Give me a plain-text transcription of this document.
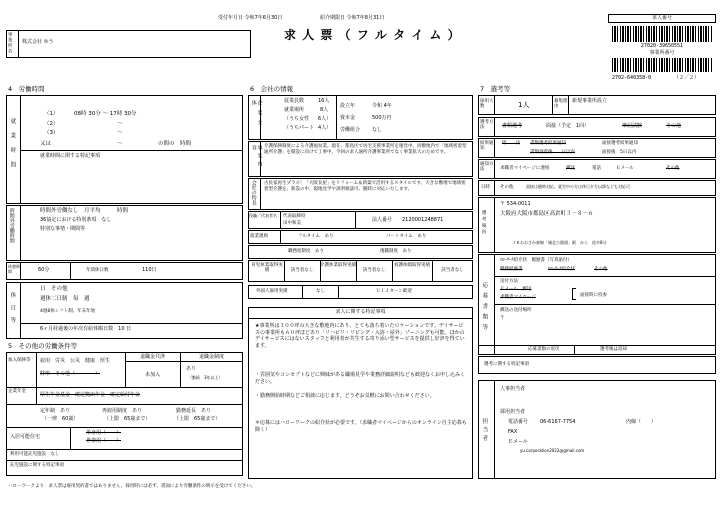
受付年月日 令和7年6月30日	紹介期限日 令和7年8月31日
求 人 票 （ フ ル タ イ ム ）
求人番号
27020-39650551
事業所番号
2702-640358-0	（２／２）
事業所名 株式会社 ゆう
4　労働時間
就業時間
（1）	08時 30分 〜 17時 30分
（2）	〜
（3）	〜
又は	〜	の間の　時間
就業時間に関する特記事項
時間外労働時間	時間外労働なし　月平均　　　時間
36協定における特別条項　なし
特別な事情・期間等
休憩時間	60分	年間休日数	110日
休日等
日　その他
週休二日制　毎　週
4週8休シフト制、年末年始
6ヶ月経過後の年次有給休暇日数　10 日
5　その他の労働条件等
加入保険等	雇用　労災　公災　健康　厚生
財形　その他（　　　　）
退職金共済
未加入
退職金制度
あり
（勤続　3年以上）
企業年金
厚生年金基金　確定拠出年金　確定給付年金
定年制　あり
（一律　60歳）
再雇用制度　あり
（上限　65歳まで）
勤務延長　あり
（上限　65歳まで）
入居可能住宅
単身用（　　）
世帯用（　　）
利用可能託児施設　なし
託児施設に関する特記事項
6　会社の情報
企業全体	従業員数	16人
就業場所	8人
（うち女性 6人）
（うちパート 4人）
設立年	令和 4年
資本金	500万円
労働組合 なし
事業内容	介護保険制度による介護福祉業。現在、都島区で居宅支援事業所を運営中。同敷地内で「地域密着型通所介護」を開設に向けて工事中。今回の求人通所介護事業所でなく事業拡大のためです。
会社の特長 古民家再生プラス！「大阪長屋」をリフォーム＆新築で活用するスタイルです。大きな敷地で地域密着型介護を、新設の中、現地見学や説明相談可。随時に対応いたします。
役職／代表者名	代表取締役
田中和美
法人番号 2120001248871
就業規則	フルタイム　あり	パートタイム　あり
職務給制度　あり	復職制度　あり
育児休業取得実績	該当者なし
介護休業取得実績
該当者なし
看護休暇取得実績
該当者なし
外国人雇用実績	なし	ＵＩＪターン歓迎
求人に関する特記事項
★事業所は３００坪の大きな敷地内にあり、とても落ち着いたロケーションです。デイサービスの事業所も６０坪ほどあり「リハビリ・リビング・入浴・屋外」ゾーニングも可能。ほかのデイサービスにはないスタッフと利用者が共生する寄り添い型サービスを提供し好評を得ています。
・雰囲気やコンセプトなどに興味がある職場見学や業務詳細説明なども歓迎なくお申し込みください。
・勤務開始時期などご相談に応じます。どうぞお気軽にお問い合わせください。
＊応募にはハローワークの紹介状が必要です。（求職者マイページからのオンライン自主応募も除く）
7　選考等
採用人数	1人	募集理由
新規事業所設立
選考方法	書類選考	面接（予定　1回）	筆記試験	その他
結果通知
即　　決 書類選考結果通知	面接選考結果通知
面接後　5日以内
書類到着後　　日以内
通知方法	求職者マイページに連絡	郵送	電話	Ｅメール	その他
日時 その他	面接は随時対応。就労中の方は休日夕方以降なども対応可
選考場所
〒 534-0011
大阪府大阪市都島区高倉町３－８－６
ＪＲおおさか東線「城北公園通」駅　から　徒歩8分
応募書類等
ﾊﾛｰﾜｰｸ紹介状　履歴書（写真貼付）
職務経歴書	ﾊﾛｰﾜｰｸ紹介状	その他
送付方法
Ｅメール　郵送
求職者マイページ	面接時に持参
郵送の送付場所
〒
応募書類の返戻	選考後は返却
選考に関する特記事項
担当者
人事担当者
採用担当者
電話番号 06-6167-7754	内線（　　）
FAX
Ｅメール
yu.corporation2022@gmail.com
ハローワークより：求人票は雇用契約書ではありません。採用時には必ず、書面により労働条件の明示を受けてください。
